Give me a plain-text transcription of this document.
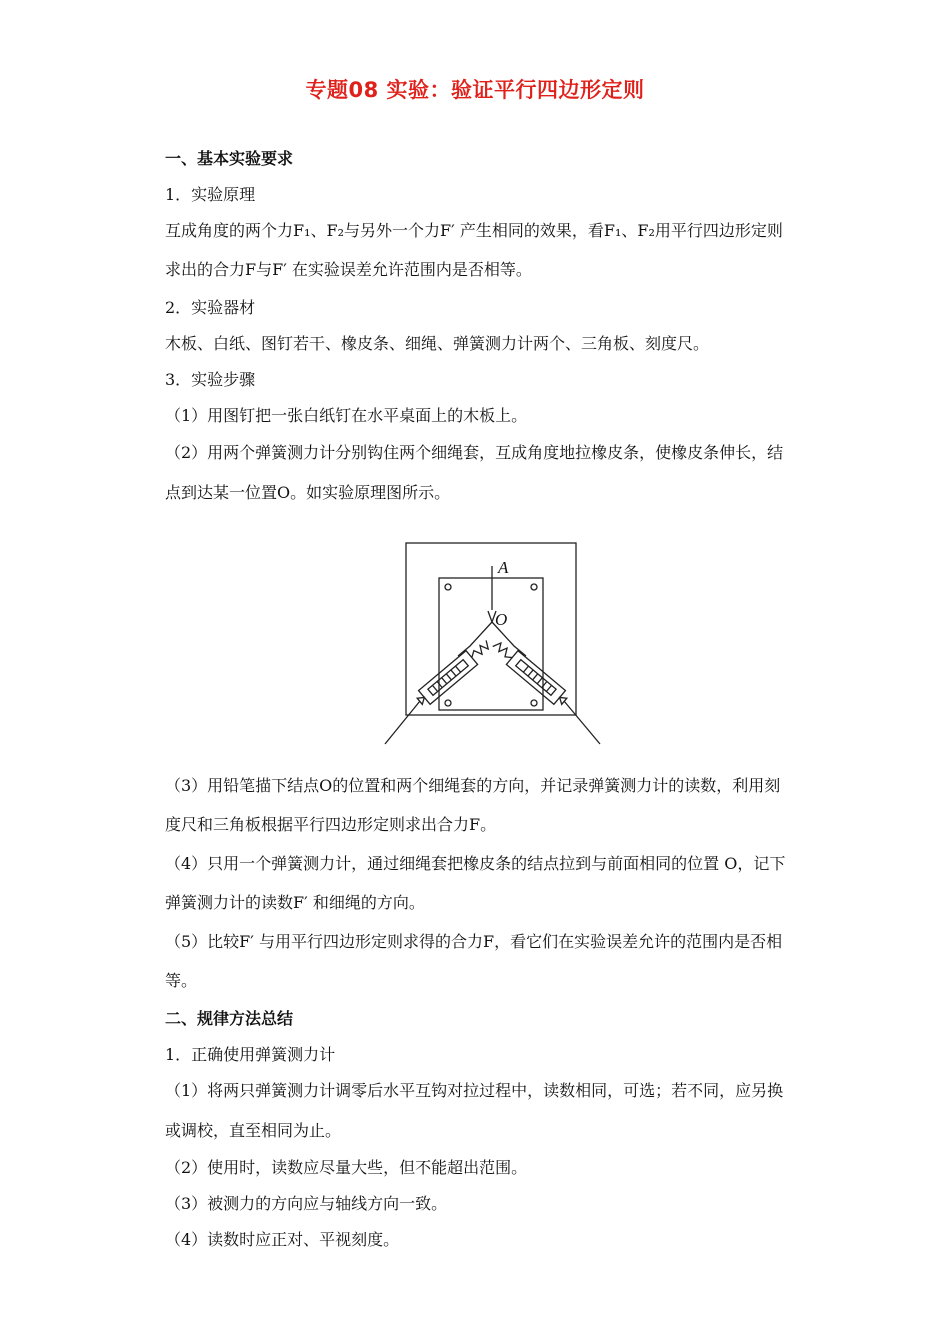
专题08 实验：验证平行四边形定则
一、基本实验要求
1．实验原理
互成角度的两个力F₁、F₂与另外一个力F′ 产生相同的效果，看F₁、F₂用平行四边形定则
求出的合力F与F′ 在实验误差允许范围内是否相等。
2．实验器材
木板、白纸、图钉若干、橡皮条、细绳、弹簧测力计两个、三角板、刻度尺。
3．实验步骤
（1）用图钉把一张白纸钉在水平桌面上的木板上。
（2）用两个弹簧测力计分别钩住两个细绳套，互成角度地拉橡皮条，使橡皮条伸长，结
点到达某一位置O。如实验原理图所示。
A
O
（3）用铅笔描下结点O的位置和两个细绳套的方向，并记录弹簧测力计的读数，利用刻
度尺和三角板根据平行四边形定则求出合力F。
（4）只用一个弹簧测力计，通过细绳套把橡皮条的结点拉到与前面相同的位置 O，记下
弹簧测力计的读数F′ 和细绳的方向。
（5）比较F′ 与用平行四边形定则求得的合力F，看它们在实验误差允许的范围内是否相
等。
二、规律方法总结
1．正确使用弹簧测力计
（1）将两只弹簧测力计调零后水平互钩对拉过程中，读数相同，可选；若不同，应另换
或调校，直至相同为止。
（2）使用时，读数应尽量大些，但不能超出范围。
（3）被测力的方向应与轴线方向一致。
（4）读数时应正对、平视刻度。
